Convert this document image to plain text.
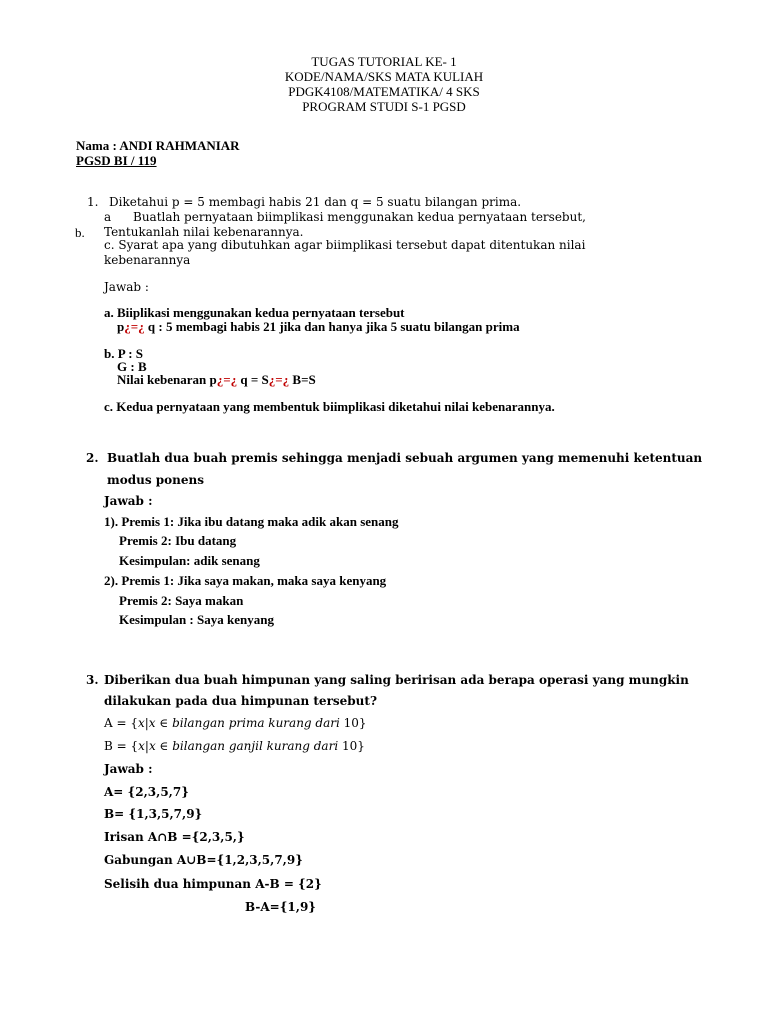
TUGAS TUTORIAL KE- 1
KODE/NAMA/SKS MATA KULIAH
PDGK4108/MATEMATIKA/ 4 SKS
PROGRAM STUDI S-1 PGSD
Nama : ANDI RAHMANIAR
PGSD BI / 119
1. Diketahui p = 5 membagi habis 21 dan q = 5 suatu bilangan prima.
a Buatlah pernyataan biimplikasi menggunakan kedua pernyataan tersebut,
b. Tentukanlah nilai kebenarannya.
c. Syarat apa yang dibutuhkan agar biimplikasi tersebut dapat ditentukan nilai
kebenarannya
Jawab :
a. Biiplikasi menggunakan kedua pernyataan tersebut
p¿=¿ q : 5 membagi habis 21 jika dan hanya jika 5 suatu bilangan prima
b. P : S
G : B
Nilai kebenaran p¿=¿ q = S¿=¿ B=S
c. Kedua pernyataan yang membentuk biimplikasi diketahui nilai kebenarannya.
2. Buatlah dua buah premis sehingga menjadi sebuah argumen yang memenuhi ketentuan
modus ponens
Jawab :
1). Premis 1: Jika ibu datang maka adik akan senang
Premis 2: Ibu datang
Kesimpulan: adik senang
2). Premis 1: Jika saya makan, maka saya kenyang
Premis 2: Saya makan
Kesimpulan : Saya kenyang
3. Diberikan dua buah himpunan yang saling beririsan ada berapa operasi yang mungkin
dilakukan pada dua himpunan tersebut?
A = {x|x ∈ bilangan prima kurang dari 10}
B = {x|x ∈ bilangan ganjil kurang dari 10}
Jawab :
A= {2,3,5,7}
B= {1,3,5,7,9}
Irisan A∩B ={2,3,5,}
Gabungan A∪B={1,2,3,5,7,9}
Selisih dua himpunan A-B = {2}
B-A={1,9}
